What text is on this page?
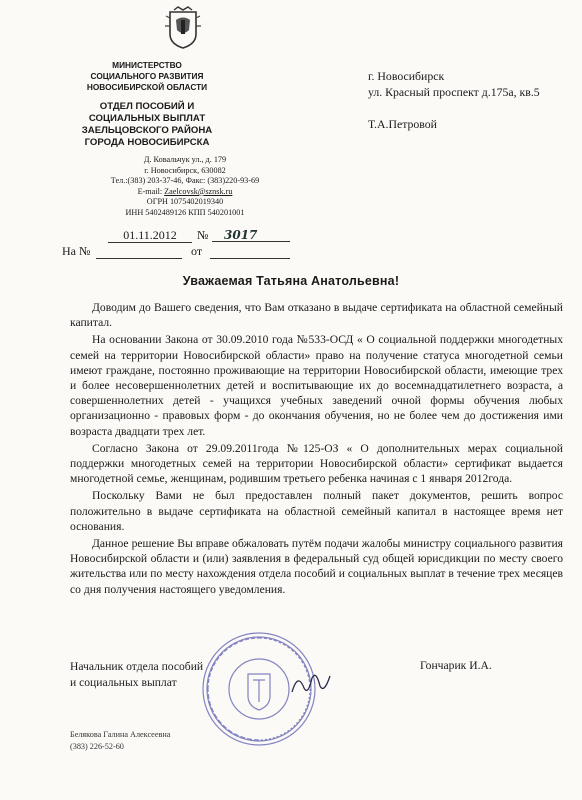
МИНИСТЕРСТВО
СОЦИАЛЬНОГО РАЗВИТИЯ
НОВОСИБИРСКОЙ ОБЛАСТИ
ОТДЕЛ ПОСОБИЙ И
СОЦИАЛЬНЫХ ВЫПЛАТ
ЗАЕЛЬЦОВСКОГО РАЙОНА
ГОРОДА НОВОСИБИРСКА
Д. Ковальчук ул., д. 179
г. Новосибирск, 630082
Тел.:(383) 203-37-46, Факс: (383)220-93-69
E-mail: Zaelcovsk@sznsk.ru
ОГРН 1075402019340
ИНН 5402489126 КПП 540201001
г. Новосибирск
ул. Красный проспект д.175а, кв.5
Т.А.Петровой
01.11.2012	№	3017
На №	от
Уважаемая Татьяна Анатольевна!

Доводим до Вашего сведения, что Вам отказано в выдаче сертификата на областной семейный капитал.

На основании Закона от 30.09.2010 года №533-ОСД « О социальной поддержки многодетных семей на территории Новосибирской области» право на получение статуса многодетной семьи имеют граждане, постоянно проживающие на территории Новосибирской области, имеющие трех и более несовершеннолетних детей и воспитывающие их до восемнадцатилетнего возраста, а совершеннолетних детей - учащихся учебных заведений очной формы обучения любых организационно - правовых форм - до окончания обучения, но не более чем до достижения ими возраста двадцати трех лет.

Согласно Закона от 29.09.2011года №125-ОЗ « О дополнительных мерах социальной поддержки многодетных семей на территории Новосибирской области» сертификат выдается многодетной семье, женщинам, родившим третьего ребенка начиная с 1 января 2012года.

Поскольку Вами не был предоставлен полный пакет документов, решить вопрос положительно в выдаче сертификата на областной семейный капитал в настоящее время нет основания.

Данное решение Вы вправе обжаловать путём подачи жалобы министру социального развития Новосибирской области и (или) заявления в федеральный суд общей юрисдикции по месту своего жительства или по месту нахождения отдела пособий и социальных выплат в течение трех месяцев со дня получения настоящего уведомления.

Начальник отдела пособий
и социальных выплат
Гончарик И.А.
Белякова Галина Алексеевна
(383) 226-52-60
